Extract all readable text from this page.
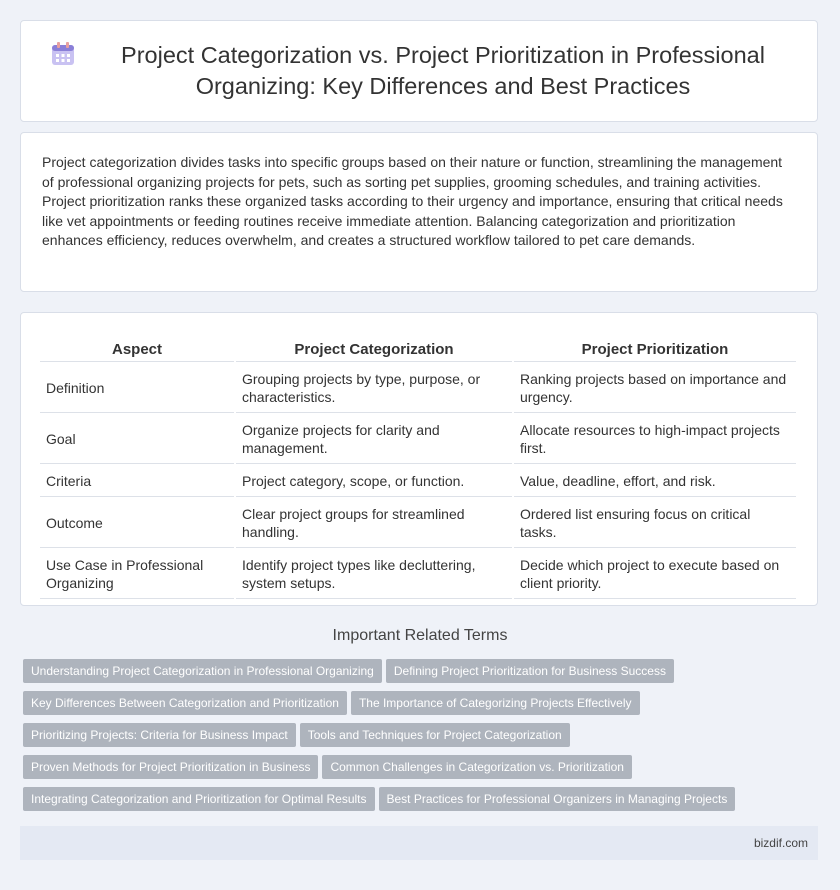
Project Categorization vs. Project Prioritization in Professional Organizing: Key Differences and Best Practices

Project categorization divides tasks into specific groups based on their nature or function, streamlining the management of professional organizing projects for pets, such as sorting pet supplies, grooming schedules, and training activities. Project prioritization ranks these organized tasks according to their urgency and importance, ensuring that critical needs like vet appointments or feeding routines receive immediate attention. Balancing categorization and prioritization enhances efficiency, reduces overwhelm, and creates a structured workflow tailored to pet care demands.

Aspect	Project Categorization	Project Prioritization
Definition	Grouping projects by type, purpose, or characteristics.	Ranking projects based on importance and urgency.
Goal	Organize projects for clarity and management.	Allocate resources to high-impact projects first.
Criteria	Project category, scope, or function.	Value, deadline, effort, and risk.
Outcome	Clear project groups for streamlined handling.	Ordered list ensuring focus on critical tasks.
Use Case in Professional Organizing	Identify project types like decluttering, system setups.	Decide which project to execute based on client priority.
Important Related Terms
Understanding Project Categorization in Professional Organizing Defining Project Prioritization for Business Success
Key Differences Between Categorization and Prioritization The Importance of Categorizing Projects Effectively
Prioritizing Projects: Criteria for Business Impact Tools and Techniques for Project Categorization
Proven Methods for Project Prioritization in Business Common Challenges in Categorization vs. Prioritization
Integrating Categorization and Prioritization for Optimal Results Best Practices for Professional Organizers in Managing Projects
bizdif.com
